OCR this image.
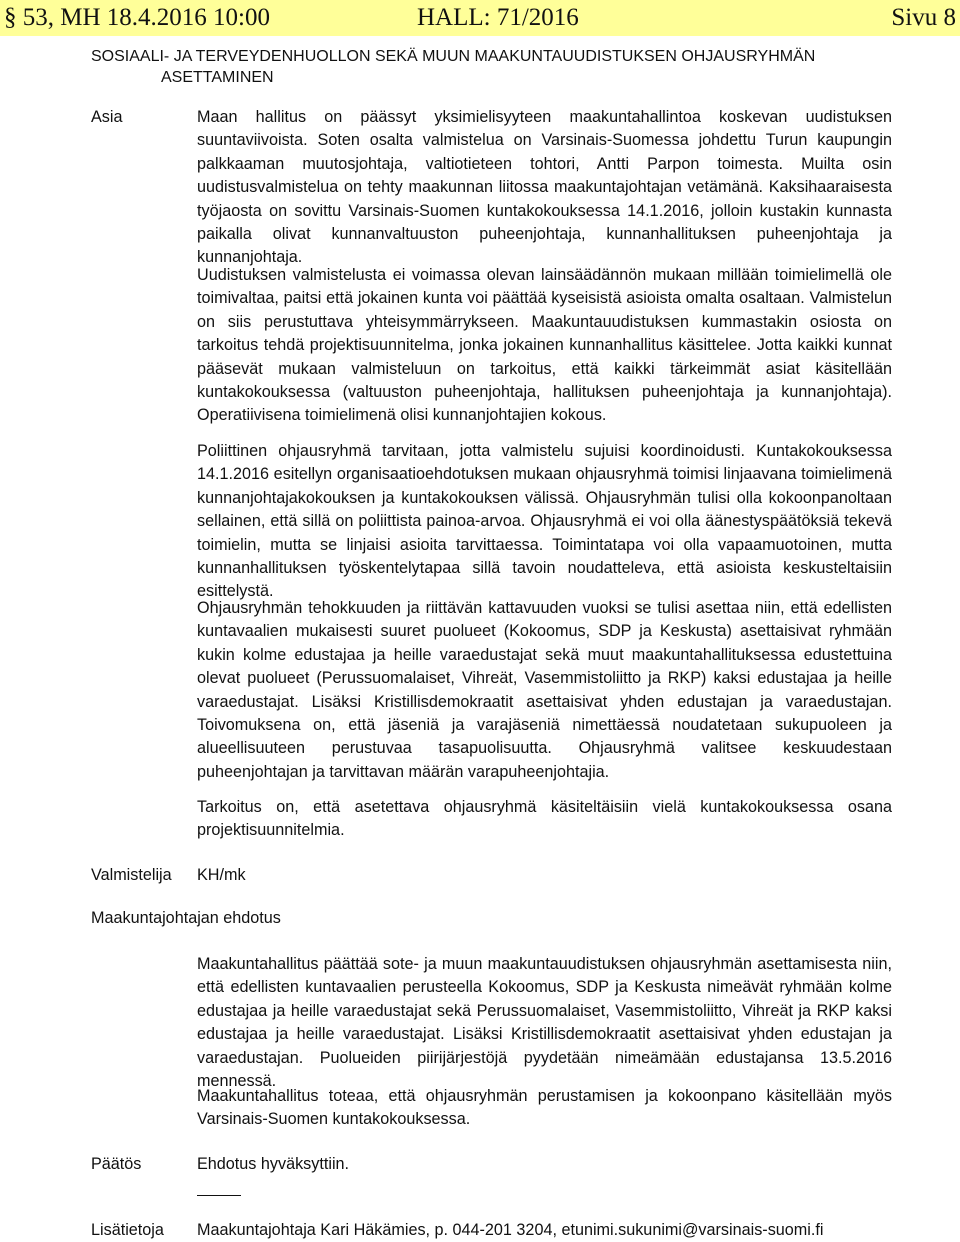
§ 53, MH 18.4.2016 10:00	HALL: 71/2016	Sivu 8
SOSIAALI- JA TERVEYDENHUOLLON SEKÄ MUUN MAAKUNTAUUDISTUKSEN OHJAUSRYHMÄN
ASETTAMINEN
Asia	Maan hallitus on päässyt yksimielisyyteen maakuntahallintoa koskevan uudistuksen suuntaviivoista. Soten osalta valmistelua on Varsinais-Suomessa johdettu Turun kaupungin palkkaaman muutosjohtaja, valtiotieteen tohtori, Antti Parpon toimesta. Muilta osin uudistusvalmistelua on tehty maakunnan liitossa maakuntajohtajan vetämänä. Kaksihaaraisesta työjaosta on sovittu Varsinais-Suomen kuntakokouksessa 14.1.2016, jolloin kustakin kunnasta paikalla olivat kunnanvaltuuston puheenjohtaja, kunnanhallituksen puheenjohtaja ja kunnanjohtaja.

Uudistuksen valmistelusta ei voimassa olevan lainsäädännön mukaan millään toimielimellä ole toimivaltaa, paitsi että jokainen kunta voi päättää kyseisistä asioista omalta osaltaan. Valmistelun on siis perustuttava yhteisymmärrykseen. Maakuntauudistuksen kummastakin osiosta on tarkoitus tehdä projektisuunnitelma, jonka jokainen kunnanhallitus käsittelee. Jotta kaikki kunnat pääsevät mukaan valmisteluun on tarkoitus, että kaikki tärkeimmät asiat käsitellään kuntakokouksessa (valtuuston puheenjohtaja, hallituksen puheenjohtaja ja kunnanjohtaja). Operatiivisena toimielimenä olisi kunnanjohtajien kokous.

Poliittinen ohjausryhmä tarvitaan, jotta valmistelu sujuisi koordinoidusti. Kuntakokouksessa 14.1.2016 esitellyn organisaatioehdotuksen mukaan ohjausryhmä toimisi linjaavana toimielimenä kunnanjohtajakokouksen ja kuntakokouksen välissä. Ohjausryhmän tulisi olla kokoonpanoltaan sellainen, että sillä on poliittista painoa-arvoa. Ohjausryhmä ei voi olla äänestyspäätöksiä tekevä toimielin, mutta se linjaisi asioita tarvittaessa. Toimintatapa voi olla vapaamuotoinen, mutta kunnanhallituksen työskentelytapaa sillä tavoin noudatteleva, että asioista keskusteltaisiin esittelystä.

Ohjausryhmän tehokkuuden ja riittävän kattavuuden vuoksi se tulisi asettaa niin, että edellisten kuntavaalien mukaisesti suuret puolueet (Kokoomus, SDP ja Keskusta) asettaisivat ryhmään kukin kolme edustajaa ja heille varaedustajat sekä muut maakuntahallituksessa edustettuina olevat puolueet (Perussuomalaiset, Vihreät, Vasemmistoliitto ja RKP) kaksi edustajaa ja heille varaedustajat. Lisäksi Kristillisdemokraatit asettaisivat yhden edustajan ja varaedustajan. Toivomuksena on, että jäseniä ja varajäseniä nimettäessä noudatetaan sukupuoleen ja alueellisuuteen perustuvaa tasapuolisuutta. Ohjausryhmä valitsee keskuudestaan puheenjohtajan ja tarvittavan määrän varapuheenjohtajia.

Tarkoitus on, että asetettava ohjausryhmä käsiteltäisiin vielä kuntakokouksessa osana projektisuunnitelmia.

Valmistelija KH/mk
Maakuntajohtajan ehdotus

Maakuntahallitus päättää sote- ja muun maakuntauudistuksen ohjausryhmän asettamisesta niin, että edellisten kuntavaalien perusteella Kokoomus, SDP ja Keskusta nimeävät ryhmään kolme edustajaa ja heille varaedustajat sekä Perussuomalaiset, Vasemmistoliitto, Vihreät ja RKP kaksi edustajaa ja heille varaedustajat. Lisäksi Kristillisdemokraatit asettaisivat yhden edustajan ja varaedustajan. Puolueiden piirijärjestöjä pyydetään nimeämään edustajansa 13.5.2016 mennessä.

Maakuntahallitus toteaa, että ohjausryhmän perustamisen ja kokoonpano käsitellään myös Varsinais-Suomen kuntakokouksessa.

Päätös	Ehdotus hyväksyttiin.
Lisätietoja Maakuntajohtaja Kari Häkämies, p. 044-201 3204, etunimi.sukunimi@varsinais-suomi.fi
